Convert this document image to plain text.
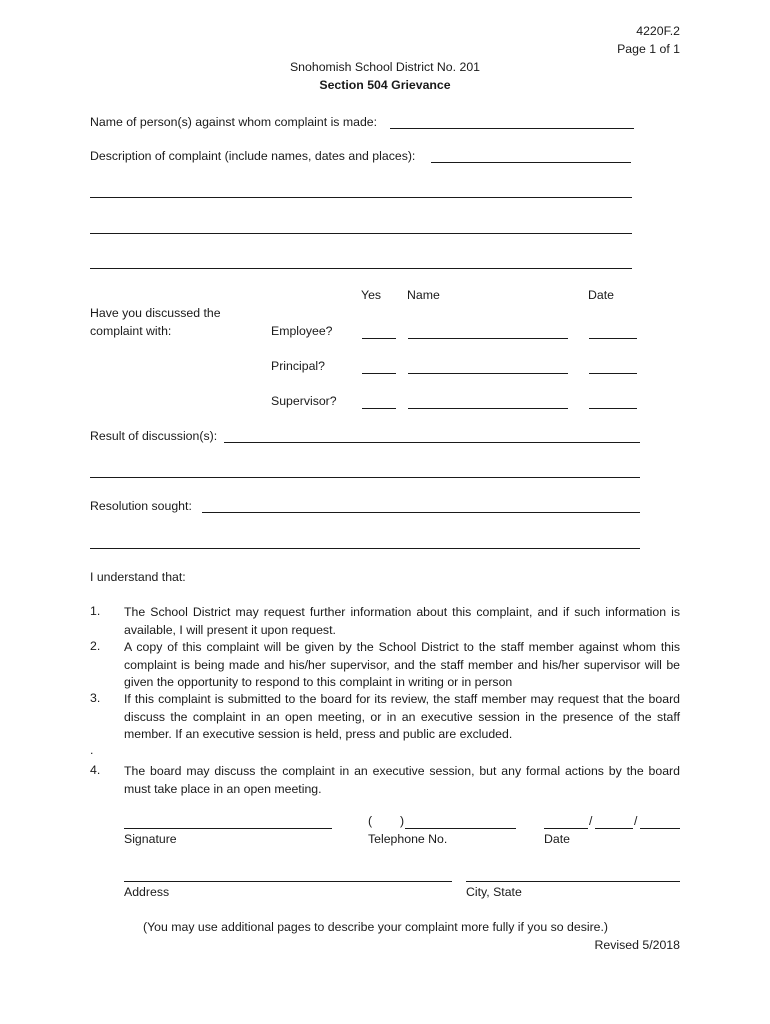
4220F.2
Page 1 of 1
Snohomish School District No. 201
Section 504 Grievance
Name of person(s) against whom complaint is made:
Description of complaint (include names, dates and places):
Yes Name	Date
Have you discussed the
complaint with:	Employee?
Principal?
Supervisor?
Result of discussion(s):
Resolution sought:
I understand that:
1.	The School District may request further information about this complaint, and if such information is available, I will present it upon request.
2.	A copy of this complaint will be given by the School District to the staff member against whom this complaint is being made and his/her supervisor, and the staff member and his/her supervisor will be given the opportunity to respond to this complaint in writing or in person
3.	If this complaint is submitted to the board for its review, the staff member may request that the board discuss the complaint in an open meeting, or in an executive session in the presence of the staff member. If an executive session is held, press and public are excluded.
.
4.	The board may discuss the complaint in an executive session, but any formal actions by the board must take place in an open meeting.
Signature
( )
Telephone No.
/	/
Date
Address	City, State
(You may use additional pages to describe your complaint more fully if you so desire.)
Revised 5/2018
